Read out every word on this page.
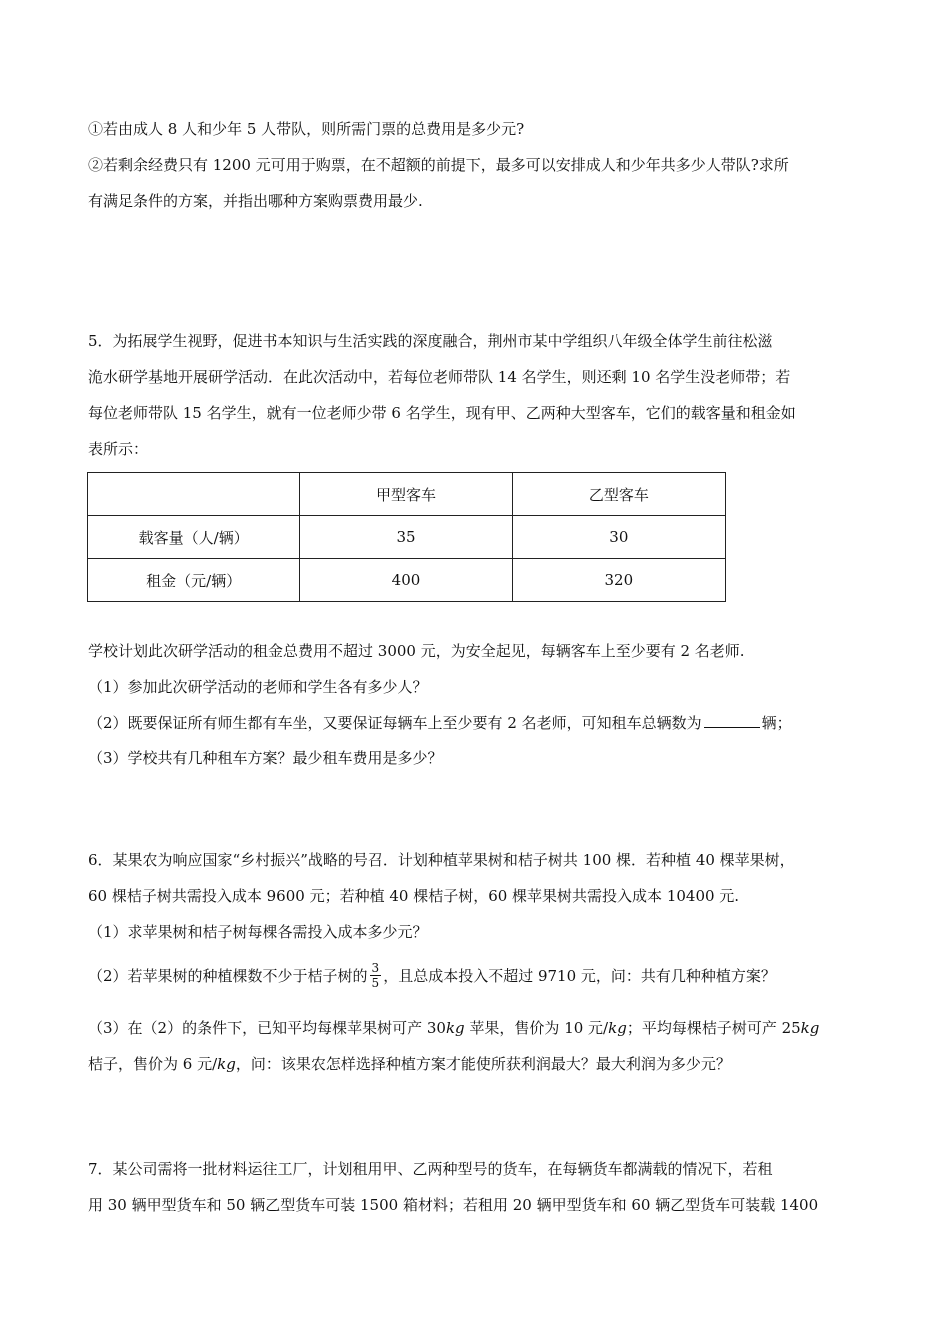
①若由成人 8 人和少年 5 人带队，则所需门票的总费用是多少元?
②若剩余经费只有 1200 元可用于购票，在不超额的前提下，最多可以安排成人和少年共多少人带队?求所
有满足条件的方案，并指出哪种方案购票费用最少.
5．为拓展学生视野，促进书本知识与生活实践的深度融合，荆州市某中学组织八年级全体学生前往松滋
洈水研学基地开展研学活动．在此次活动中，若每位老师带队 14 名学生，则还剩 10 名学生没老师带；若
每位老师带队 15 名学生，就有一位老师少带 6 名学生，现有甲、乙两种大型客车，它们的载客量和租金如
表所示：
	甲型客车	乙型客车
载客量（人/辆）	35	30
租金（元/辆）	400	320
学校计划此次研学活动的租金总费用不超过 3000 元，为安全起见，每辆客车上至少要有 2 名老师.
（1）参加此次研学活动的老师和学生各有多少人？
（2）既要保证所有师生都有车坐，又要保证每辆车上至少要有 2 名老师，可知租车总辆数为	辆；
（3）学校共有几种租车方案？最少租车费用是多少？
6．某果农为响应国家“乡村振兴”战略的号召．计划种植苹果树和桔子树共 100 棵．若种植 40 棵苹果树，
60 棵桔子树共需投入成本 9600 元；若种植 40 棵桔子树，60 棵苹果树共需投入成本 10400 元.
（1）求苹果树和桔子树每棵各需投入成本多少元？
（2）若苹果树的种植棵数不少于桔子树的 $\frac{3}{5}$ ，且总成本投入不超过 9710 元，问：共有几种种植方案？
（3）在（2）的条件下，已知平均每棵苹果树可产 30kg 苹果，售价为 10 元/kg；平均每棵桔子树可产 25kg
桔子，售价为 6 元/kg，问：该果农怎样选择种植方案才能使所获利润最大？最大利润为多少元？
7．某公司需将一批材料运往工厂，计划租用甲、乙两种型号的货车，在每辆货车都满载的情况下，若租
用 30 辆甲型货车和 50 辆乙型货车可装 1500 箱材料；若租用 20 辆甲型货车和 60 辆乙型货车可装载 1400
